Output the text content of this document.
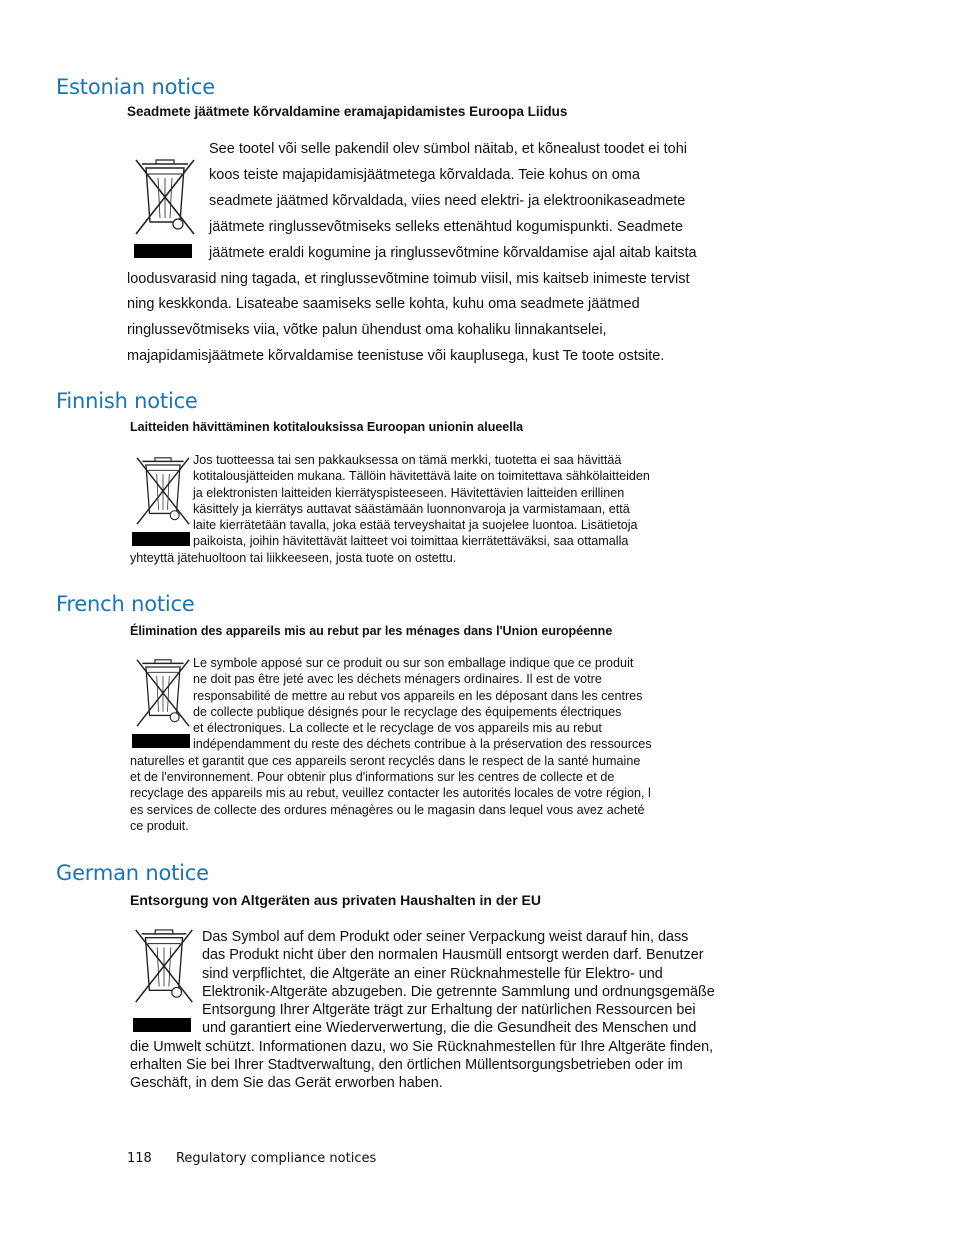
Estonian notice

Seadmete jäätmete kõrvaldamine eramajapidamistes Euroopa Liidus

See tootel või selle pakendil olev sümbol näitab, et kõnealust toodet ei tohi
koos teiste majapidamisjäätmetega kõrvaldada. Teie kohus on oma
seadmete jäätmed kõrvaldada, viies need elektri- ja elektroonikaseadmete
jäätmete ringlussevõtmiseks selleks ettenähtud kogumispunkti. Seadmete
jäätmete eraldi kogumine ja ringlussevõtmine kõrvaldamise ajal aitab kaitsta
loodusvarasid ning tagada, et ringlussevõtmine toimub viisil, mis kaitseb inimeste tervist
ning keskkonda. Lisateabe saamiseks selle kohta, kuhu oma seadmete jäätmed
ringlussevõtmiseks viia, võtke palun ühendust oma kohaliku linnakantselei,
majapidamisjäätmete kõrvaldamise teenistuse või kauplusega, kust Te toote ostsite.
Finnish notice

Laitteiden hävittäminen kotitalouksissa Euroopan unionin alueella

Jos tuotteessa tai sen pakkauksessa on tämä merkki, tuotetta ei saa hävittää
kotitalousjätteiden mukana. Tällöin hävitettävä laite on toimitettava sähkölaitteiden
ja elektronisten laitteiden kierrätyspisteeseen. Hävitettävien laitteiden erillinen
käsittely ja kierrätys auttavat säästämään luonnonvaroja ja varmistamaan, että
laite kierrätetään tavalla, joka estää terveyshaitat ja suojelee luontoa. Lisätietoja
paikoista, joihin hävitettävät laitteet voi toimittaa kierrätettäväksi, saa ottamalla
yhteyttä jätehuoltoon tai liikkeeseen, josta tuote on ostettu.
French notice

Élimination des appareils mis au rebut par les ménages dans l'Union européenne

Le symbole apposé sur ce produit ou sur son emballage indique que ce produit
ne doit pas être jeté avec les déchets ménagers ordinaires. Il est de votre
responsabilité de mettre au rebut vos appareils en les déposant dans les centres
de collecte publique désignés pour le recyclage des équipements électriques
et électroniques. La collecte et le recyclage de vos appareils mis au rebut
indépendamment du reste des déchets contribue à la préservation des ressources
naturelles et garantit que ces appareils seront recyclés dans le respect de la santé humaine
et de l'environnement. Pour obtenir plus d'informations sur les centres de collecte et de
recyclage des appareils mis au rebut, veuillez contacter les autorités locales de votre région, l
es services de collecte des ordures ménagères ou le magasin dans lequel vous avez acheté
ce produit.
German notice

Entsorgung von Altgeräten aus privaten Haushalten in der EU

Das Symbol auf dem Produkt oder seiner Verpackung weist darauf hin, dass
das Produkt nicht über den normalen Hausmüll entsorgt werden darf. Benutzer
sind verpflichtet, die Altgeräte an einer Rücknahmestelle für Elektro- und
Elektronik-Altgeräte abzugeben. Die getrennte Sammlung und ordnungsgemäße
Entsorgung Ihrer Altgeräte trägt zur Erhaltung der natürlichen Ressourcen bei
und garantiert eine Wiederverwertung, die die Gesundheit des Menschen und
die Umwelt schützt. Informationen dazu, wo Sie Rücknahmestellen für Ihre Altgeräte finden,
erhalten Sie bei Ihrer Stadtverwaltung, den örtlichen Müllentsorgungsbetrieben oder im
Geschäft, in dem Sie das Gerät erworben haben.
118 Regulatory compliance notices
